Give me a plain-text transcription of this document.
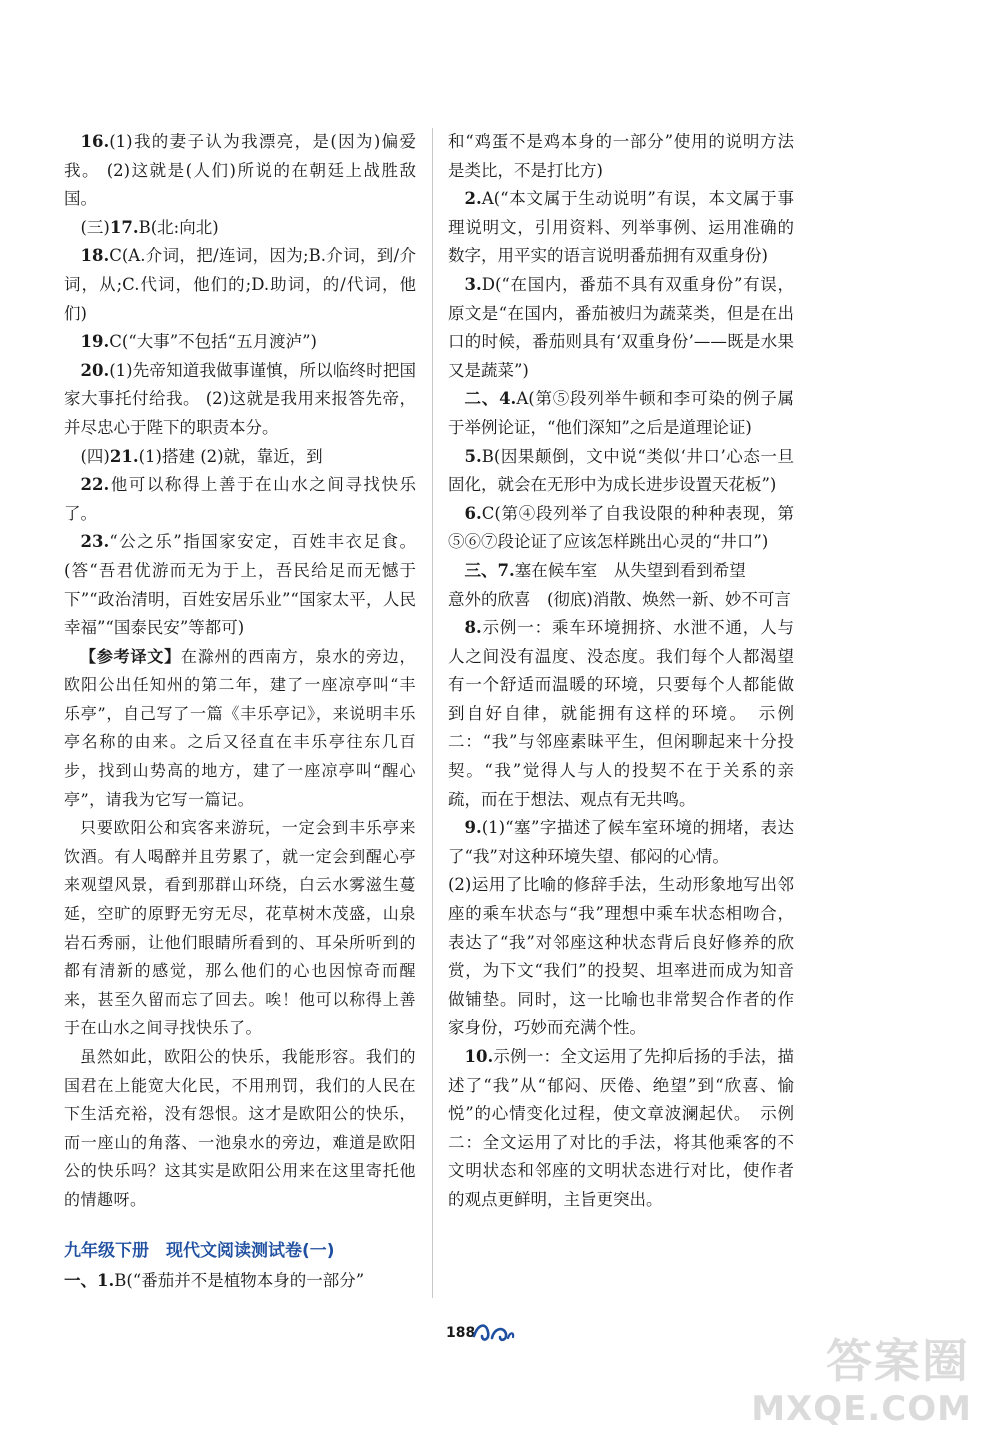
16.(1)我的妻子认为我漂亮，是(因为)偏爱我。 (2)这就是(人们)所说的在朝廷上战胜敌国。

(三)17.B(北:向北)

18.C(A.介词，把/连词，因为;B.介词，到/介词，从;C.代词，他们的;D.助词，的/代词，他们)

19.C(“大事”不包括“五月渡泸”)

20.(1)先帝知道我做事谨慎，所以临终时把国家大事托付给我。 (2)这就是我用来报答先帝，并尽忠心于陛下的职责本分。

(四)21.(1)搭建 (2)就，靠近，到

22.他可以称得上善于在山水之间寻找快乐了。

23.“公之乐”指国家安定，百姓丰衣足食。(答“吾君优游而无为于上，吾民给足而无憾于下”“政治清明，百姓安居乐业”“国家太平，人民幸福”“国泰民安”等都可)

【参考译文】在滁州的西南方，泉水的旁边，欧阳公出任知州的第二年，建了一座凉亭叫“丰乐亭”，自己写了一篇《丰乐亭记》，来说明丰乐亭名称的由来。之后又径直在丰乐亭往东几百步，找到山势高的地方，建了一座凉亭叫“醒心亭”，请我为它写一篇记。

只要欧阳公和宾客来游玩，一定会到丰乐亭来饮酒。有人喝醉并且劳累了，就一定会到醒心亭来观望风景，看到那群山环绕，白云水雾滋生蔓延，空旷的原野无穷无尽，花草树木茂盛，山泉岩石秀丽，让他们眼睛所看到的、耳朵所听到的都有清新的感觉，那么他们的心也因惊奇而醒来，甚至久留而忘了回去。唉！他可以称得上善于在山水之间寻找快乐了。

虽然如此，欧阳公的快乐，我能形容。我们的国君在上能宽大化民，不用刑罚，我们的人民在下生活充裕，没有怨恨。这才是欧阳公的快乐，而一座山的角落、一池泉水的旁边，难道是欧阳公的快乐吗？这其实是欧阳公用来在这里寄托他的情趣呀。

九年级下册　现代文阅读测试卷(一)

一、1.B(“番茄并不是植物本身的一部分”

和“鸡蛋不是鸡本身的一部分”使用的说明方法是类比，不是打比方)

2.A(“本文属于生动说明”有误，本文属于事理说明文，引用资料、列举事例、运用准确的数字，用平实的语言说明番茄拥有双重身份)

3.D(“在国内，番茄不具有双重身份”有误，原文是“在国内，番茄被归为蔬菜类，但是在出口的时候，番茄则具有‘双重身份’——既是水果又是蔬菜”)

二、4.A(第⑤段列举牛顿和李可染的例子属于举例论证，“他们深知”之后是道理论证)

5.B(因果颠倒，文中说“类似‘井口’心态一旦固化，就会在无形中为成长进步设置天花板”)

6.C(第④段列举了自我设限的种种表现，第⑤⑥⑦段论证了应该怎样跳出心灵的“井口”)

三、7.塞在候车室　从失望到看到希望

意外的欣喜　(彻底)消散、焕然一新、妙不可言

8.示例一：乘车环境拥挤、水泄不通，人与人之间没有温度、没态度。我们每个人都渴望有一个舒适而温暖的环境，只要每个人都能做到自好自律，就能拥有这样的环境。　示例二：“我”与邻座素昧平生，但闲聊起来十分投契。“我”觉得人与人的投契不在于关系的亲疏，而在于想法、观点有无共鸣。

9.(1)“塞”字描述了候车室环境的拥堵，表达了“我”对这种环境失望、郁闷的心情。

(2)运用了比喻的修辞手法，生动形象地写出邻座的乘车状态与“我”理想中乘车状态相吻合，表达了“我”对邻座这种状态背后良好修养的欣赏，为下文“我们”的投契、坦率进而成为知音做铺垫。同时，这一比喻也非常契合作者的作家身份，巧妙而充满个性。

10.示例一：全文运用了先抑后扬的手法，描述了“我”从“郁闷、厌倦、绝望”到“欣喜、愉悦”的心情变化过程，使文章波澜起伏。　示例二：全文运用了对比的手法，将其他乘客的不文明状态和邻座的文明状态进行对比，使作者的观点更鲜明，主旨更突出。

188
答案圈
MXQE.COM
